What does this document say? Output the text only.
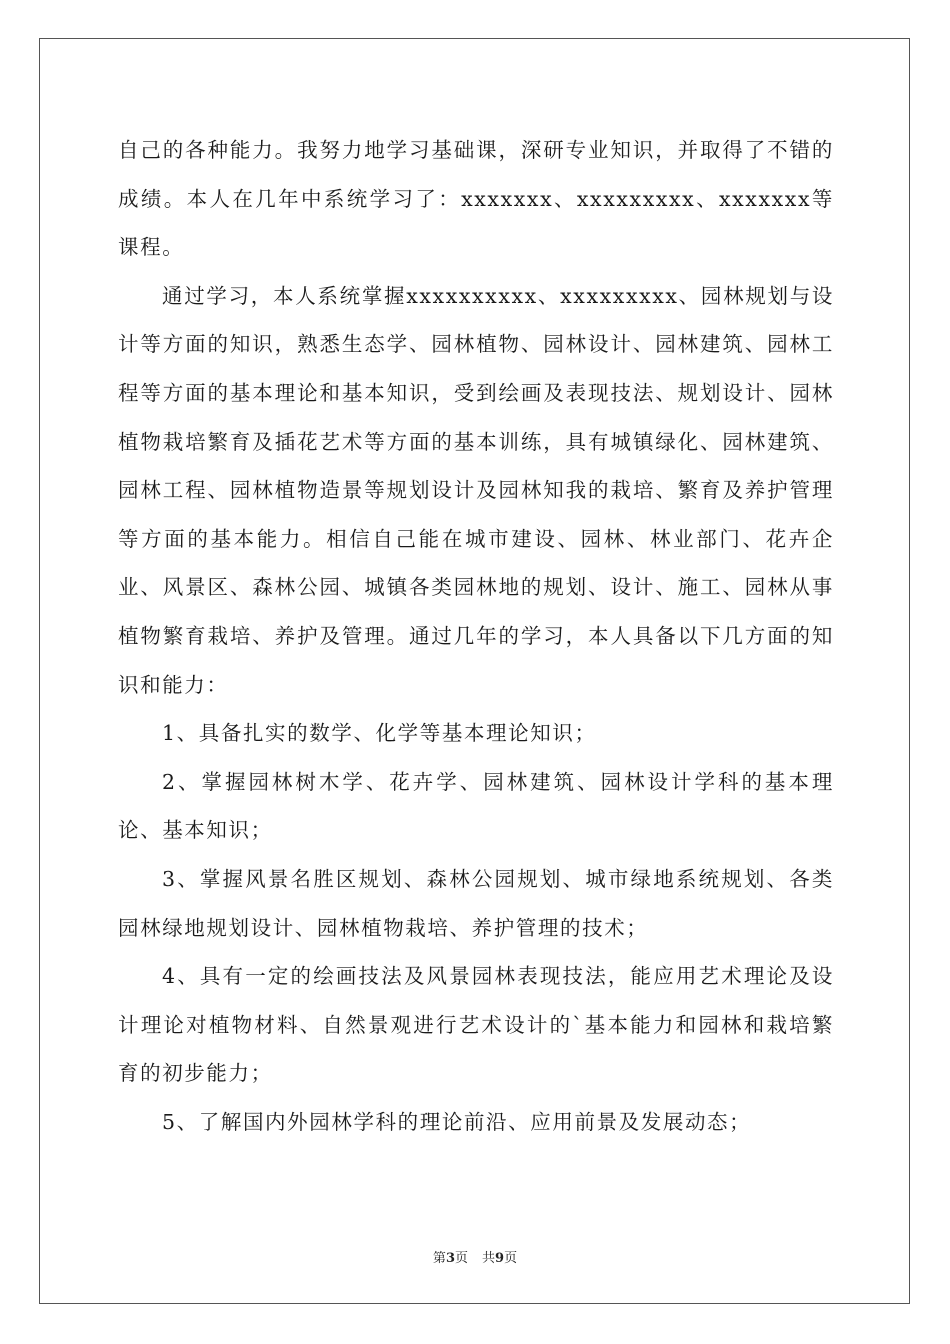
自己的各种能力。我努力地学习基础课，深研专业知识，并取得了不错的成绩。本人在几年中系统学习了：xxxxxxx、xxxxxxxxx、xxxxxxx等课程。

通过学习，本人系统掌握xxxxxxxxxx、xxxxxxxxx、园林规划与设计等方面的知识，熟悉生态学、园林植物、园林设计、园林建筑、园林工程等方面的基本理论和基本知识，受到绘画及表现技法、规划设计、园林植物栽培繁育及插花艺术等方面的基本训练，具有城镇绿化、园林建筑、园林工程、园林植物造景等规划设计及园林知我的栽培、繁育及养护管理等方面的基本能力。相信自己能在城市建设、园林、林业部门、花卉企业、风景区、森林公园、城镇各类园林地的规划、设计、施工、园林从事植物繁育栽培、养护及管理。通过几年的学习，本人具备以下几方面的知识和能力：

1、具备扎实的数学、化学等基本理论知识；

2、掌握园林树木学、花卉学、园林建筑、园林设计学科的基本理论、基本知识；

3、掌握风景名胜区规划、森林公园规划、城市绿地系统规划、各类园林绿地规划设计、园林植物栽培、养护管理的技术；

4、具有一定的绘画技法及风景园林表现技法，能应用艺术理论及设计理论对植物材料、自然景观进行艺术设计的`基本能力和园林和栽培繁育的初步能力；

5、了解国内外园林学科的理论前沿、应用前景及发展动态；

第3页 共9页
